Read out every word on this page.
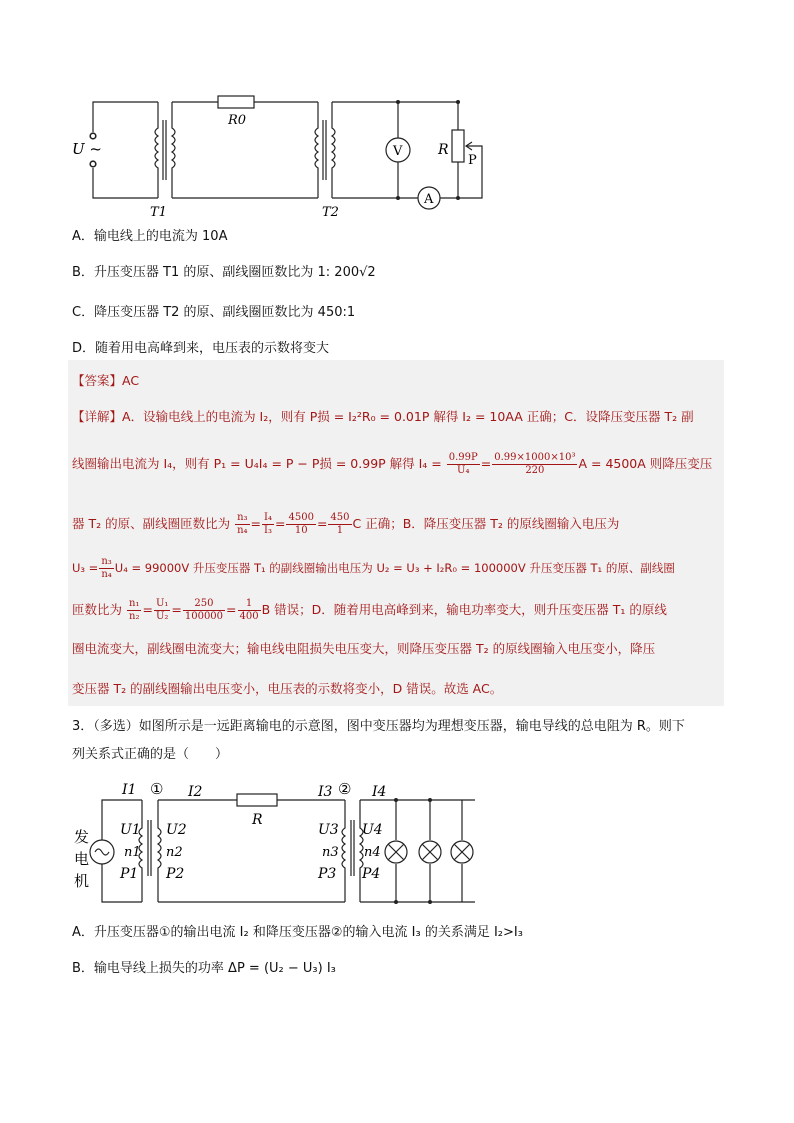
U ~
R0
V
A
R
P
T1	T2
A．输电线上的电流为 10A
B．升压变压器 T1 的原、副线圈匝数比为 1: 200√2
C．降压变压器 T2 的原、副线圈匝数比为 450:1
D．随着用电高峰到来，电压表的示数将变大
【答案】AC
【详解】A．设输电线上的电流为 I₂，则有 P损 = I₂²R₀ = 0.01P 解得 I₂ = 10AA 正确；C．设降压变压器 T₂ 副
线圈输出电流为 I₄，则有 P₁ = U₄I₄ = P − P损 = 0.99P 解得 $I_4 = \frac{0.99P}{\text{U₄}} = \frac{\text{0.99×1000×10³}}{220}$ A = 4500A 则降压变压
器 T₂ 的原、副线圈匝数比为 $\frac{\text{n₃}}{\text{n₄}} = \frac{\text{I₄}}{\text{I₃}} = \frac{4500}{10} = \frac{450}{1}$ C 正确；B．降压变压器 T₂ 的原线圈输入电压为
$U_3 = \frac{\text{n₃}}{\text{n₄}} U_4 = 99000V$ 升压变压器 T₁ 的副线圈输出电压为 U₂ = U₃ + I₂R₀ = 100000V 升压变压器 T₁ 的原、副线圈
匝数比为 $\frac{\text{n₁}}{\text{n₂}} = \frac{\text{U₁}}{\text{U₂}} = \frac{250}{100000} = \frac{1}{400}$ B 错误；D．随着用电高峰到来，输电功率变大，则升压变压器 T₁ 的原线
圈电流变大，副线圈电流变大；输电线电阻损失电压变大，则降压变压器 T₂ 的原线圈输入电压变小，降压
变压器 T₂ 的副线圈输出电压变小，电压表的示数将变小，D 错误。故选 AC。
3．（多选）如图所示是一远距离输电的示意图，图中变压器均为理想变压器，输电导线的总电阻为 R。则下
列关系式正确的是（　　）
I1 ① I2
R
I3 ② I4
发
电
机
U1
n1
P1
U2
n2
P2
U3
n3
P3
U4
n4
P4
A．升压变压器①的输出电流 I₂ 和降压变压器②的输入电流 I₃ 的关系满足 I₂>I₃
B．输电导线上损失的功率 ΔP = (U₂ − U₃) I₃
